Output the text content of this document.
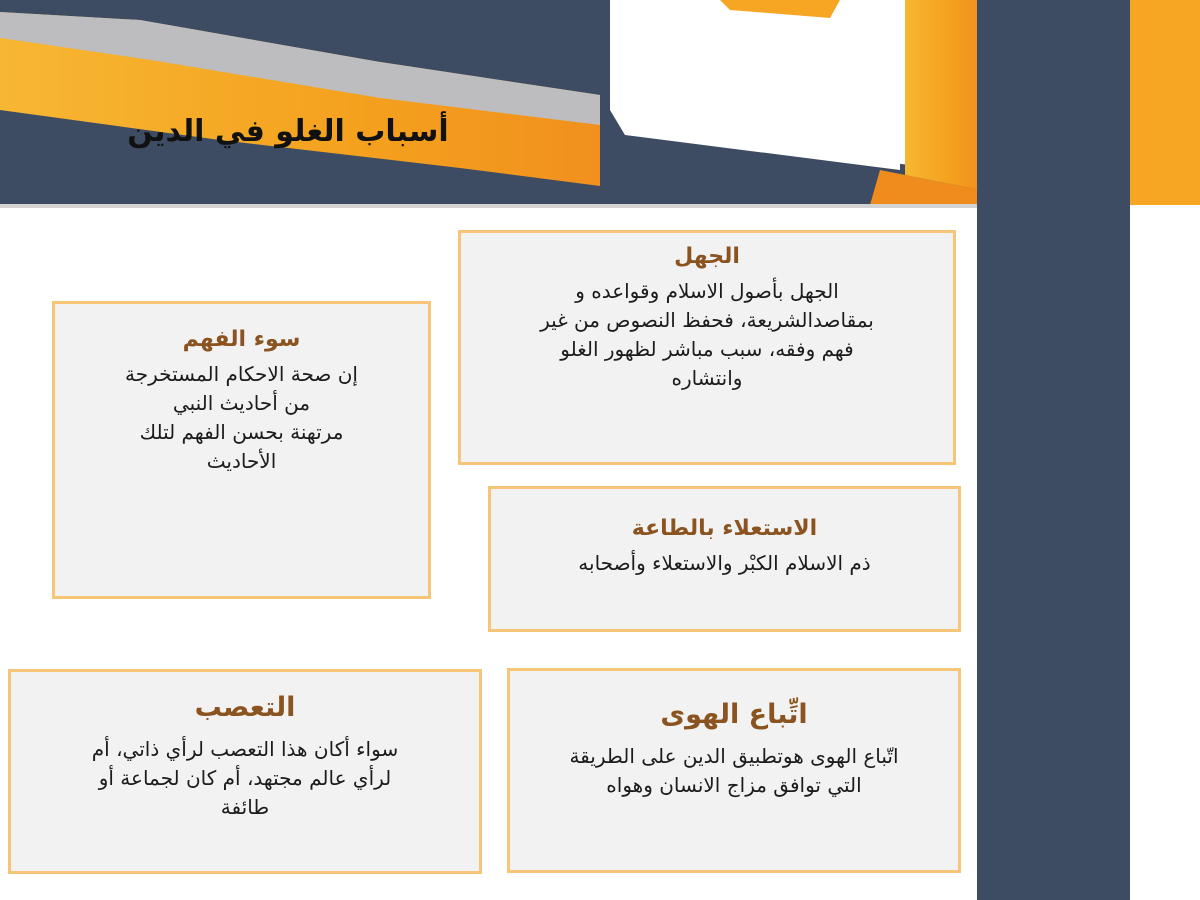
أسباب الغلو في الدين
الجهل

الجهل بأصول الاسلام وقواعده و

بمقاصدالشريعة، فحفظ النصوص من غير

فهم وفقه، سبب مباشر لظهور الغلو

وانتشاره

سوء الفهم

إن صحة الاحكام المستخرجة

من أحاديث النبي

مرتهنة بحسن الفهم لتلك

الأحاديث

الاستعلاء بالطاعة

ذم الاسلام الكبْر والاستعلاء وأصحابه

التعصب

سواء أكان هذا التعصب لرأي ذاتي، أم

لرأي عالم مجتهد، أم كان لجماعة أو

طائفة

اتِّباع الهوى

اتّباع الهوى هوتطبيق الدين على الطريقة

التي توافق مزاج الانسان وهواه
